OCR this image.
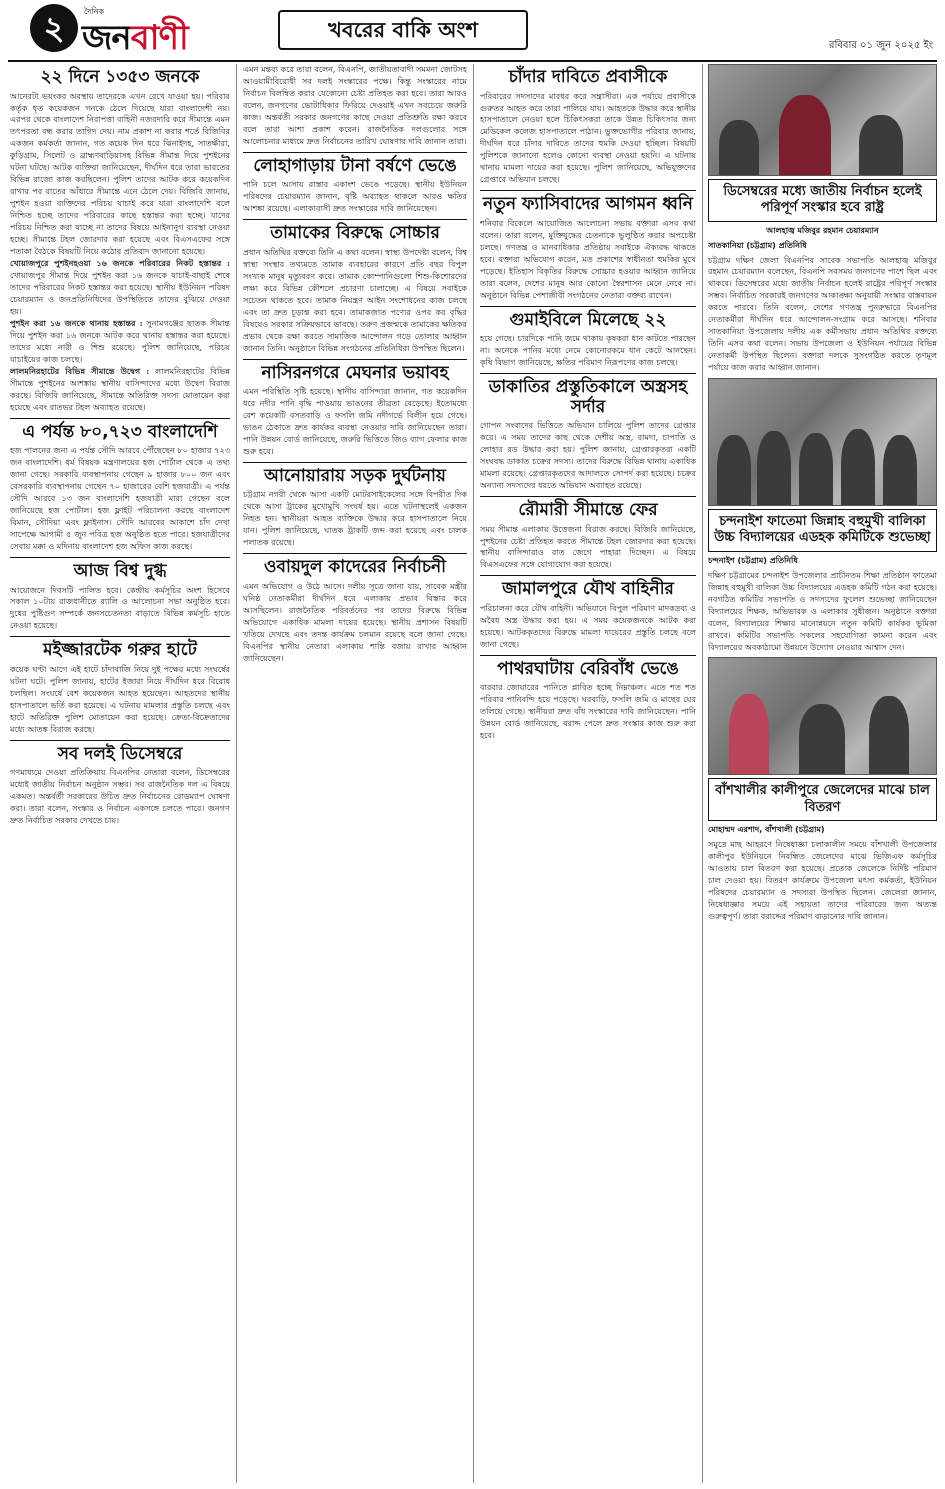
২	দৈনিক
জনবাণী	খবরের বাকি অংশ
রবিবার ০১ জুন ২০২৫ ইং
২২ দিনে ১৩৫৩ জনকে

আনেরটা ভয়ংকর অবস্থায় তাদেরকে এখন রেখে যাওয়া হয়। পরিবার কর্তৃক ধৃত কয়েকজন গনকে ঠেলে দিয়েছে যারা বাংলাদেশী নয়। এরপর থেকে বাংলাদেশ নিরাপত্তা বাহিনী নজরদারি করে সীমান্তে এমন তৎপরতা বন্ধ করার তাগিদ দেয়। নাম প্রকাশ না করার শর্তে বিজিবির একজন কর্মকর্তা জানান, গত কয়েক দিন ধরে ঝিনাইদহ, সাতক্ষীরা, কুড়িগ্রাম, সিলেট ও ব্রাহ্মণবাড়িয়াসহ বিভিন্ন সীমান্ত দিয়ে পুশইনের ঘটনা ঘটছে। আটক ব্যক্তিরা জানিয়েছেন, দীর্ঘদিন ধরে তারা ভারতের বিভিন্ন রাজ্যে কাজ করছিলেন। পুলিশ তাদের আটক করে কয়েকদিন রাখার পর রাতের আঁধারে সীমান্তে এনে ঠেলে দেয়। বিজিবি জানায়, পুশইন হওয়া ব্যক্তিদের পরিচয় যাচাই করে যারা বাংলাদেশি বলে নিশ্চিত হচ্ছে তাদের পরিবারের কাছে হস্তান্তর করা হচ্ছে। যাদের পরিচয় নিশ্চিত করা যাচ্ছে না তাদের বিষয়ে আইনানুগ ব্যবস্থা নেওয়া হচ্ছে। সীমান্তে টহল জোরদার করা হয়েছে এবং বিএসএফের সঙ্গে পতাকা বৈঠকে বিষয়টি নিয়ে কঠোর প্রতিবাদ জানানো হয়েছে।

খোয়াজপুরে পুশইনহওয়া ১৬ জনকে পরিবারের নিকট হস্তান্তর : খোয়াজপুর সীমান্ত দিয়ে পুশইন করা ১৬ জনকে যাচাই-বাছাই শেষে তাদের পরিবারের নিকট হস্তান্তর করা হয়েছে। স্থানীয় ইউনিয়ন পরিষদ চেয়ারম্যান ও জনপ্রতিনিধিদের উপস্থিতিতে তাদের বুঝিয়ে দেওয়া হয়।

পুশইন করা ১৬ জনকে থানায় হস্তান্তর : সুনামগঞ্জের ছাতক সীমান্ত দিয়ে পুশইন করা ১৬ জনকে আটক করে থানায় হস্তান্তর করা হয়েছে। তাদের মধ্যে নারী ও শিশু রয়েছে। পুলিশ জানিয়েছে, পরিচয় যাচাইয়ের কাজ চলছে।

লালমনিরহাটের বিভিন্ন সীমান্তে উদ্বেগ : লালমনিরহাটের বিভিন্ন সীমান্তে পুশইনের আশঙ্কায় স্থানীয় বাসিন্দাদের মধ্যে উদ্বেগ বিরাজ করছে। বিজিবি জানিয়েছে, সীমান্তে অতিরিক্ত সদস্য মোতায়েন করা হয়েছে এবং রাতভর টহল অব্যাহত রয়েছে।

এ পর্যন্ত ৮০,৭২৩ বাংলাদেশি

হজ পালনের জন্য এ পর্যন্ত সৌদি আরবে পৌঁছেছেন ৮০ হাজার ৭২৩ জন বাংলাদেশি। ধর্ম বিষয়ক মন্ত্রণালয়ের হজ পোর্টাল থেকে এ তথ্য জানা গেছে। সরকারি ব্যবস্থাপনায় গেছেন ৯ হাজার ৮০০ জন এবং বেসরকারি ব্যবস্থাপনায় গেছেন ৭০ হাজারের বেশি হজযাত্রী। এ পর্যন্ত সৌদি আরবে ১৩ জন বাংলাদেশি হজযাত্রী মারা গেছেন বলে জানিয়েছে হজ পোর্টাল। হজ ফ্লাইট পরিচালনা করছে বাংলাদেশ বিমান, সৌদিয়া এবং ফ্লাইনাস। সৌদি আরবের আকাশে চাঁদ দেখা সাপেক্ষে আগামী ৫ জুন পবিত্র হজ অনুষ্ঠিত হতে পারে। হজযাত্রীদের সেবায় মক্কা ও মদিনায় বাংলাদেশ হজ অফিস কাজ করছে।

আজ বিশ্ব দুগ্ধ

আয়োজনে দিবসটি পালিত হবে। কেন্দ্রীয় কর্মসূচির অংশ হিসেবে সকাল ১০টায় রাজধানীতে র‍্যালি ও আলোচনা সভা অনুষ্ঠিত হবে। দুধের পুষ্টিগুণ সম্পর্কে জনসচেতনতা বাড়াতে বিভিন্ন কর্মসূচি হাতে নেওয়া হয়েছে।

মইজ্জারটেক গরুর হাটে

কয়েক ঘণ্টা আগে এই হাটে চাঁদাবাজি নিয়ে দুই পক্ষের মধ্যে সংঘর্ষের ঘটনা ঘটে। পুলিশ জানায়, হাটের ইজারা নিয়ে দীর্ঘদিন ধরে বিরোধ চলছিল। সংঘর্ষে বেশ কয়েকজন আহত হয়েছেন। আহতদের স্থানীয় হাসপাতালে ভর্তি করা হয়েছে। এ ঘটনায় মামলার প্রস্তুতি চলছে এবং হাটে অতিরিক্ত পুলিশ মোতায়েন করা হয়েছে। ক্রেতা-বিক্রেতাদের মধ্যে আতঙ্ক বিরাজ করছে।

সব দলই ডিসেম্বরে

গণমাধ্যমে দেওয়া প্রতিক্রিয়ায় বিএনপির নেতারা বলেন, ডিসেম্বরের মধ্যেই জাতীয় নির্বাচন অনুষ্ঠান সম্ভব। সব রাজনৈতিক দল এ বিষয়ে একমত। অন্তর্বর্তী সরকারের উচিত দ্রুত নির্বাচনের রোডম্যাপ ঘোষণা করা। তারা বলেন, সংস্কার ও নির্বাচন একসঙ্গে চলতে পারে। জনগণ দ্রুত নির্বাচিত সরকার দেখতে চায়।

এমন মন্তব্য করে তারা বলেন, বিএনপি, জাতীয়তাবাদী সমমনা জোটসহ আওয়ামীবিরোধী সব দলই সংস্কারের পক্ষে। কিন্তু সংস্কারের নামে নির্বাচন বিলম্বিত করার যেকোনো চেষ্টা প্রতিহত করা হবে। তারা আরও বলেন, জনগণের ভোটাধিকার ফিরিয়ে দেওয়াই এখন সবচেয়ে জরুরি কাজ। অন্তর্বর্তী সরকার জনগণের কাছে দেওয়া প্রতিশ্রুতি রক্ষা করবে বলে তারা আশা প্রকাশ করেন। রাজনৈতিক দলগুলোর সঙ্গে আলোচনার মাধ্যমে দ্রুত নির্বাচনের তারিখ ঘোষণার দাবি জানান তারা।

লোহাগাড়ায় টানা বর্ষণে ভেঙে

পানি চলে আসায় রাস্তার একাংশ ভেঙে পড়েছে। স্থানীয় ইউনিয়ন পরিষদের চেয়ারম্যান জানান, বৃষ্টি অব্যাহত থাকলে আরও ক্ষতির আশঙ্কা রয়েছে। এলাকাবাসী দ্রুত সংস্কারের দাবি জানিয়েছেন।

তামাকের বিরুদ্ধে সোচ্চার

প্রধান অতিথির বক্তব্যে তিনি এ কথা বলেন। স্বাস্থ্য উপদেষ্টা বলেন, বিশ্ব স্বাস্থ্য সংস্থার তথ্যমতে তামাক ব্যবহারের কারণে প্রতি বছর বিপুল সংখ্যক মানুষ মৃত্যুবরণ করে। তামাক কোম্পানিগুলো শিশু-কিশোরদের লক্ষ্য করে বিভিন্ন কৌশলে প্রচারণা চালাচ্ছে। এ বিষয়ে সবাইকে সচেতন থাকতে হবে। তামাক নিয়ন্ত্রণ আইন সংশোধনের কাজ চলছে এবং তা দ্রুত চূড়ান্ত করা হবে। তামাকজাত পণ্যের ওপর কর বৃদ্ধির বিষয়েও সরকার সক্রিয়ভাবে ভাবছে। তরুণ প্রজন্মকে তামাকের ক্ষতিকর প্রভাব থেকে রক্ষা করতে সামাজিক আন্দোলন গড়ে তোলার আহ্বান জানান তিনি। অনুষ্ঠানে বিভিন্ন সংগঠনের প্রতিনিধিরা উপস্থিত ছিলেন।

নাসিরনগরে মেঘনার ভয়াবহ

এমন পরিস্থিতি সৃষ্টি হয়েছে। স্থানীয় বাসিন্দারা জানান, গত কয়েকদিন ধরে নদীর পানি বৃদ্ধি পাওয়ায় ভাঙনের তীব্রতা বেড়েছে। ইতোমধ্যে বেশ কয়েকটি বসতবাড়ি ও ফসলি জমি নদীগর্ভে বিলীন হয়ে গেছে। ভাঙন ঠেকাতে দ্রুত কার্যকর ব্যবস্থা নেওয়ার দাবি জানিয়েছেন তারা। পানি উন্নয়ন বোর্ড জানিয়েছে, জরুরি ভিত্তিতে জিও ব্যাগ ফেলার কাজ শুরু হবে।

আনোয়ারায় সড়ক দুর্ঘটনায়

চট্টগ্রাম নগরী থেকে আসা একটি মোটরসাইকেলের সঙ্গে বিপরীত দিক থেকে আসা ট্রাকের মুখোমুখি সংঘর্ষ হয়। এতে ঘটনাস্থলেই একজন নিহত হন। স্থানীয়রা আহত ব্যক্তিকে উদ্ধার করে হাসপাতালে নিয়ে যান। পুলিশ জানিয়েছে, ঘাতক ট্রাকটি জব্দ করা হয়েছে এবং চালক পলাতক রয়েছে।

ওবায়দুল কাদেরের নির্বাচনী

এমন অভিযোগ ও উঠে আসে। দলীয় সূত্রে জানা যায়, সাবেক মন্ত্রীর ঘনিষ্ঠ নেতাকর্মীরা দীর্ঘদিন ধরে এলাকায় প্রভাব বিস্তার করে আসছিলেন। রাজনৈতিক পরিবর্তনের পর তাদের বিরুদ্ধে বিভিন্ন অভিযোগে একাধিক মামলা দায়ের হয়েছে। স্থানীয় প্রশাসন বিষয়টি খতিয়ে দেখছে এবং তদন্ত কার্যক্রম চলমান রয়েছে বলে জানা গেছে। বিএনপির স্থানীয় নেতারা এলাকায় শান্তি বজায় রাখার আহ্বান জানিয়েছেন।

চাঁদার দাবিতে প্রবাসীকে

পরিবারের সদস্যদের মারধর করে সন্ত্রাসীরা। এক পর্যায়ে প্রবাসীকে গুরুতর আহত করে তারা পালিয়ে যায়। আহতকে উদ্ধার করে স্থানীয় হাসপাতালে নেওয়া হলে চিকিৎসকরা তাকে উন্নত চিকিৎসার জন্য মেডিকেল কলেজ হাসপাতালে পাঠান। ভুক্তভোগীর পরিবার জানায়, দীর্ঘদিন ধরে চাঁদার দাবিতে তাদের হুমকি দেওয়া হচ্ছিল। বিষয়টি পুলিশকে জানানো হলেও কোনো ব্যবস্থা নেওয়া হয়নি। এ ঘটনায় থানায় মামলা দায়ের করা হয়েছে। পুলিশ জানিয়েছে, অভিযুক্তদের গ্রেপ্তারে অভিযান চলছে।

নতুন ফ্যাসিবাদের আগমন ধ্বনি

শনিবার বিকেলে আয়োজিত আলোচনা সভায় বক্তারা এসব কথা বলেন। তারা বলেন, মুক্তিযুদ্ধের চেতনাকে ভুলুণ্ঠিত করার অপচেষ্টা চলছে। গণতন্ত্র ও মানবাধিকার প্রতিষ্ঠায় সবাইকে ঐক্যবদ্ধ থাকতে হবে। বক্তারা অভিযোগ করেন, মত প্রকাশের স্বাধীনতা হুমকির মুখে পড়েছে। ইতিহাস বিকৃতির বিরুদ্ধে সোচ্চার হওয়ার আহ্বান জানিয়ে তারা বলেন, দেশের মানুষ আর কোনো স্বৈরশাসন মেনে নেবে না। অনুষ্ঠানে বিভিন্ন পেশাজীবী সংগঠনের নেতারা বক্তব্য রাখেন।

গুমাইবিলে মিলেছে ২২

হয়ে গেছে। চারদিকে পানি জমে থাকায় কৃষকরা ধান কাটতে পারছেন না। অনেকে পানির মধ্যে নেমে কোনোরকমে ধান কেটে আনছেন। কৃষি বিভাগ জানিয়েছে, ক্ষতির পরিমাণ নিরূপণের কাজ চলছে।

ডাকাতির প্রস্তুতিকালে অস্ত্রসহ সর্দার

গোপন সংবাদের ভিত্তিতে অভিযান চালিয়ে পুলিশ তাদের গ্রেপ্তার করে। এ সময় তাদের কাছ থেকে দেশীয় অস্ত্র, রামদা, চাপাতি ও লোহার রড উদ্ধার করা হয়। পুলিশ জানায়, গ্রেপ্তারকৃতরা একটি সংঘবদ্ধ ডাকাত চক্রের সদস্য। তাদের বিরুদ্ধে বিভিন্ন থানায় একাধিক মামলা রয়েছে। গ্রেপ্তারকৃতদের আদালতে সোপর্দ করা হয়েছে। চক্রের অন্যান্য সদস্যদের ধরতে অভিযান অব্যাহত রয়েছে।

রৌমারী সীমান্তে ফের

সময় সীমান্ত এলাকায় উত্তেজনা বিরাজ করছে। বিজিবি জানিয়েছে, পুশইনের চেষ্টা প্রতিহত করতে সীমান্তে টহল জোরদার করা হয়েছে। স্থানীয় বাসিন্দারাও রাত জেগে পাহারা দিচ্ছেন। এ বিষয়ে বিএসএফের সঙ্গে যোগাযোগ করা হয়েছে।

জামালপুরে যৌথ বাহিনীর

পরিচালনা করে যৌথ বাহিনী। অভিযানে বিপুল পরিমাণ মাদকদ্রব্য ও অবৈধ অস্ত্র উদ্ধার করা হয়। এ সময় কয়েকজনকে আটক করা হয়েছে। আটককৃতদের বিরুদ্ধে মামলা দায়েরের প্রস্তুতি চলছে বলে জানা গেছে।

পাথরঘাটায় বেরিবাঁধ ভেঙে

বারবার জোয়ারের পানিতে প্লাবিত হচ্ছে নিম্নাঞ্চল। এতে শত শত পরিবার পানিবন্দি হয়ে পড়েছে। ঘরবাড়ি, ফসলি জমি ও মাছের ঘের তলিয়ে গেছে। স্থানীয়রা দ্রুত বাঁধ সংস্কারের দাবি জানিয়েছেন। পানি উন্নয়ন বোর্ড জানিয়েছে, বরাদ্দ পেলে দ্রুত সংস্কার কাজ শুরু করা হবে।

ডিসেম্বরের মধ্যে জাতীয় নির্বাচন হলেই পরিপূর্ণ সংস্কার হবে রাষ্ট্র
আলহাজ্ব মজিবুর রহমান চেয়ারম্যান
সাতকানিয়া (চট্টগ্রাম) প্রতিনিধি

চট্টগ্রাম দক্ষিণ জেলা বিএনপির সাবেক সভাপতি আলহাজ্ব মজিবুর রহমান চেয়ারম্যান বলেছেন, বিএনপি সবসময় জনগণের পাশে ছিল এবং থাকবে। ডিসেম্বরের মধ্যে জাতীয় নির্বাচন হলেই রাষ্ট্রের পরিপূর্ণ সংস্কার সম্ভব। নির্বাচিত সরকারই জনগণের আকাঙ্ক্ষা অনুযায়ী সংস্কার বাস্তবায়ন করতে পারবে। তিনি বলেন, দেশের গণতন্ত্র পুনরুদ্ধারে বিএনপির নেতাকর্মীরা দীর্ঘদিন ধরে আন্দোলন-সংগ্রাম করে আসছে। শনিবার সাতকানিয়া উপজেলায় দলীয় এক কর্মীসভায় প্রধান অতিথির বক্তব্যে তিনি এসব কথা বলেন। সভায় উপজেলা ও ইউনিয়ন পর্যায়ের বিভিন্ন নেতাকর্মী উপস্থিত ছিলেন। বক্তারা দলকে সুসংগঠিত করতে তৃণমূল পর্যায়ে কাজ করার আহ্বান জানান।

চন্দনাইশ ফাতেমা জিন্নাহ বহুমুখী বালিকা উচ্চ বিদ্যালয়ের এডহক কমিটিকে শুভেচ্ছা
চন্দনাইশ (চট্টগ্রাম) প্রতিনিধি

দক্ষিণ চট্টগ্রামের চন্দনাইশ উপজেলার প্রাচীনতম শিক্ষা প্রতিষ্ঠান ফাতেমা জিন্নাহ বহুমুখী বালিকা উচ্চ বিদ্যালয়ের এডহক কমিটি গঠন করা হয়েছে। নবগঠিত কমিটির সভাপতি ও সদস্যদের ফুলেল শুভেচ্ছা জানিয়েছেন বিদ্যালয়ের শিক্ষক, অভিভাবক ও এলাকার সুধীজন। অনুষ্ঠানে বক্তারা বলেন, বিদ্যালয়ের শিক্ষার মানোন্নয়নে নতুন কমিটি কার্যকর ভূমিকা রাখবে। কমিটির সভাপতি সকলের সহযোগিতা কামনা করেন এবং বিদ্যালয়ের অবকাঠামো উন্নয়নে উদ্যোগ নেওয়ার আশ্বাস দেন।

বাঁশখালীর কালীপুরে জেলেদের মাঝে চাল বিতরণ
মোহাম্মদ এরশাদ, বাঁশখালী (চট্টগ্রাম)

সমুদ্রে মাছ আহরণে নিষেধাজ্ঞা চলাকালীন সময়ে বাঁশখালী উপজেলার কালীপুর ইউনিয়নে নিবন্ধিত জেলেদের মাঝে ভিজিএফ কর্মসূচির আওতায় চাল বিতরণ করা হয়েছে। প্রত্যেক জেলেকে নির্দিষ্ট পরিমাণ চাল দেওয়া হয়। বিতরণ কার্যক্রমে উপজেলা মৎস্য কর্মকর্তা, ইউনিয়ন পরিষদের চেয়ারম্যান ও সদস্যরা উপস্থিত ছিলেন। জেলেরা জানান, নিষেধাজ্ঞার সময়ে এই সহায়তা তাদের পরিবারের জন্য অত্যন্ত গুরুত্বপূর্ণ। তারা বরাদ্দের পরিমাণ বাড়ানোর দাবি জানান।
